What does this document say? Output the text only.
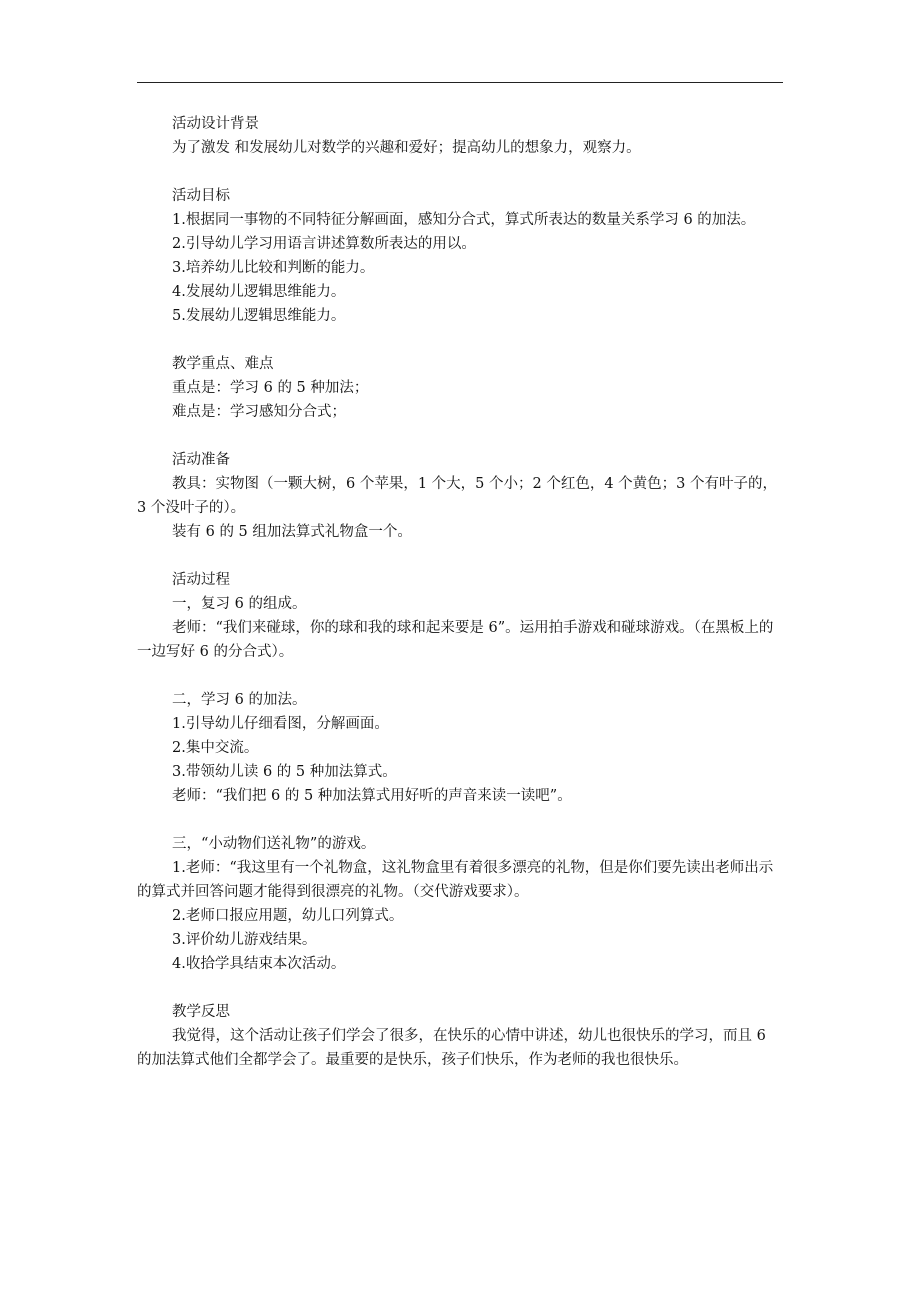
活动设计背景

为了激发 和发展幼儿对数学的兴趣和爱好；提高幼儿的想象力，观察力。

活动目标

1.根据同一事物的不同特征分解画面，感知分合式，算式所表达的数量关系学习 6 的加法。

2.引导幼儿学习用语言讲述算数所表达的用以。

3.培养幼儿比较和判断的能力。

4.发展幼儿逻辑思维能力。

5.发展幼儿逻辑思维能力。

教学重点、难点

重点是：学习 6 的 5 种加法；

难点是：学习感知分合式；

活动准备

教具：实物图（一颗大树，6 个苹果，1 个大，5 个小；2 个红色，4 个黄色；3 个有叶子的，3 个没叶子的）。

装有 6 的 5 组加法算式礼物盒一个。

活动过程

一，复习 6 的组成。

老师：“我们来碰球，你的球和我的球和起来要是 6”。运用拍手游戏和碰球游戏。（在黑板上的一边写好 6 的分合式）。

二，学习 6 的加法。

1.引导幼儿仔细看图，分解画面。

2.集中交流。

3.带领幼儿读 6 的 5 种加法算式。

老师：“我们把 6 的 5 种加法算式用好听的声音来读一读吧”。

三，“小动物们送礼物”的游戏。

1.老师：“我这里有一个礼物盒，这礼物盒里有着很多漂亮的礼物，但是你们要先读出老师出示的算式并回答问题才能得到很漂亮的礼物。（交代游戏要求）。

2.老师口报应用题，幼儿口列算式。

3.评价幼儿游戏结果。

4.收拾学具结束本次活动。

教学反思

我觉得，这个活动让孩子们学会了很多，在快乐的心情中讲述，幼儿也很快乐的学习，而且 6 的加法算式他们全都学会了。最重要的是快乐，孩子们快乐，作为老师的我也很快乐。
